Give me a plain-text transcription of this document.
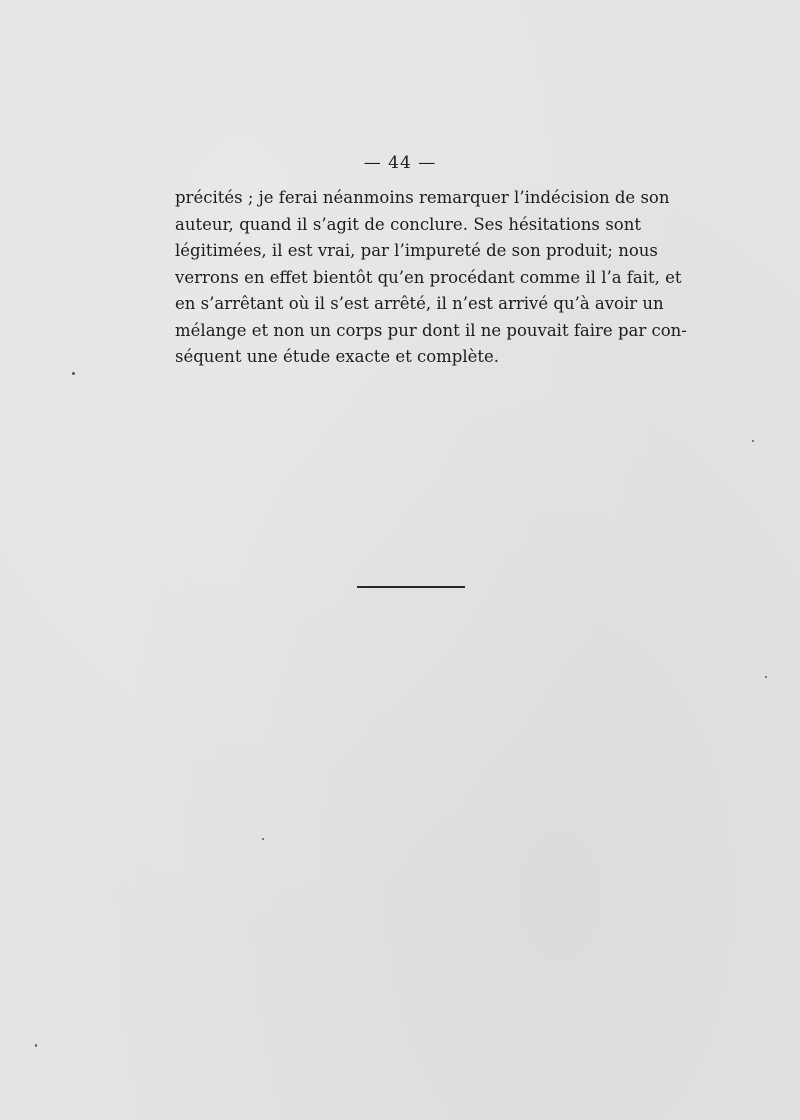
— 44 —
précités ; je ferai néanmoins remarquer l’indécision de son
auteur, quand il s’agit de conclure. Ses hésitations sont
légitimées, il est vrai, par l’impureté de son produit; nous
verrons en effet bientôt qu’en procédant comme il l’a fait, et
en s’arrêtant où il s’est arrêté, il n’est arrivé qu’à avoir un
mélange et non un corps pur dont il ne pouvait faire par con-
séquent une étude exacte et complète.
